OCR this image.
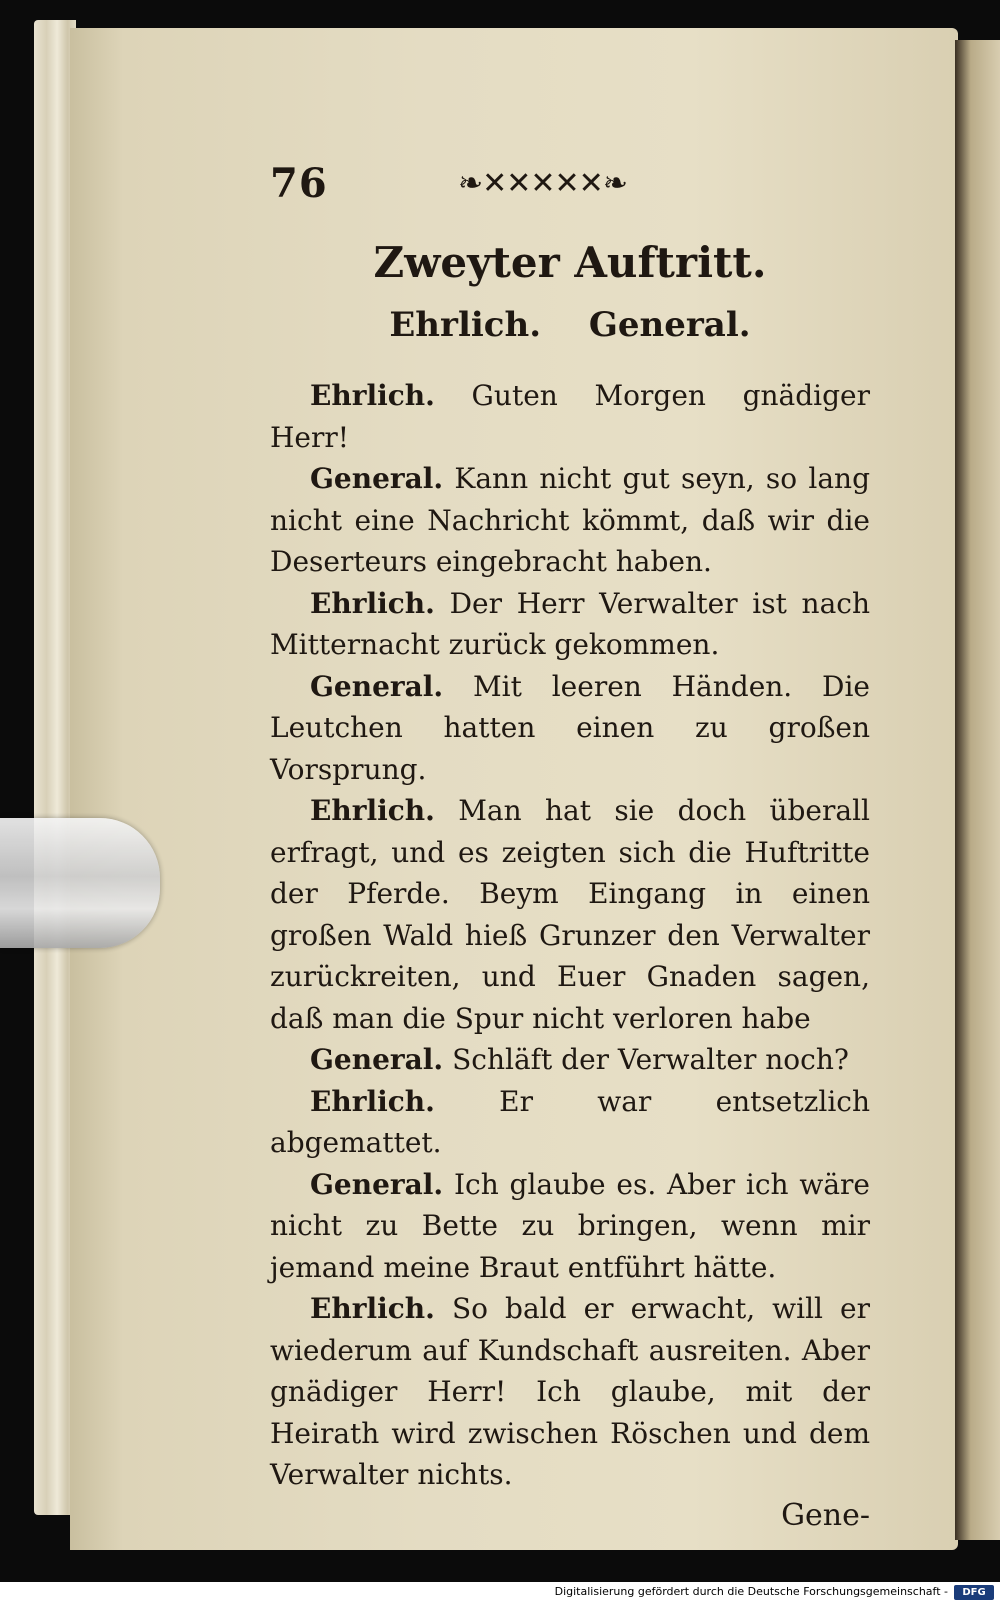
76	❧✕✕✕✕✕❧
Zweyter Auftritt.
Ehrlich. General.

Ehrlich. Guten Morgen gnädiger Herr!

General. Kann nicht gut seyn, so lang nicht eine Nachricht kömmt, daß wir die Deserteurs eingebracht haben.

Ehrlich. Der Herr Verwalter ist nach Mitternacht zurück gekommen.

General. Mit leeren Händen. Die Leutchen hatten einen zu großen Vorsprung.

Ehrlich. Man hat sie doch überall erfragt, und es zeigten sich die Huftritte der Pferde. Beym Eingang in einen großen Wald hieß Grunzer den Verwalter zurückreiten, und Euer Gnaden sagen, daß man die Spur nicht verloren habe

General. Schläft der Verwalter noch?

Ehrlich. Er war entsetzlich abgemattet.

General. Ich glaube es. Aber ich wäre nicht zu Bette zu bringen, wenn mir jemand meine Braut entführt hätte.

Ehrlich. So bald er erwacht, will er wiederum auf Kundschaft ausreiten. Aber gnädiger Herr! Ich glaube, mit der Heirath wird zwischen Röschen und dem Verwalter nichts.

Gene-
Digitalisierung gefördert durch die Deutsche Forschungsgemeinschaft -	DFG
